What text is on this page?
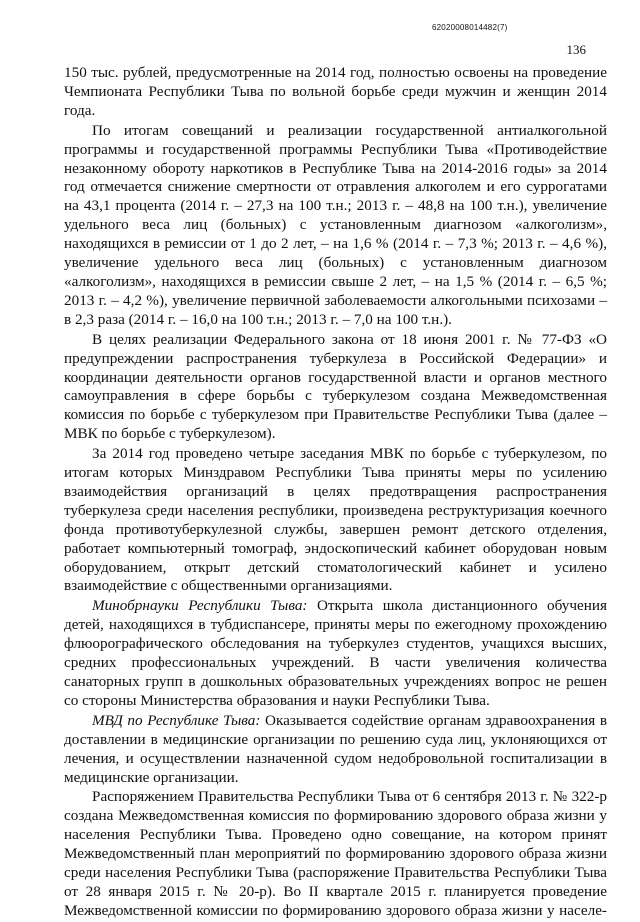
62020008014482(7)
136

150 тыс. рублей, предусмотренные на 2014 год, полностью освоены на проведение Чемпионата Республики Тыва по вольной борьбе среди мужчин и женщин 2014 года.

По итогам совещаний и реализации государственной антиалкогольной программы и государственной программы Республики Тыва «Противодействие незаконному обороту наркотиков в Республике Тыва на 2014-2016 годы» за 2014 год отмечается снижение смертности от отравления алкоголем и его суррогатами на 43,1 процента (2014 г. – 27,3 на 100 т.н.; 2013 г. – 48,8 на 100 т.н.), увеличение удельного веса лиц (больных) с установленным диагнозом «алкоголизм», находящихся в ремиссии от 1 до 2 лет, – на 1,6 % (2014 г. – 7,3 %; 2013 г. – 4,6 %), увеличение удельного веса лиц (больных) с установленным диагнозом «алкоголизм», находящихся в ремиссии свыше 2 лет, – на 1,5 % (2014 г. – 6,5 %; 2013 г. – 4,2 %), увеличение первичной заболеваемости алкогольными психозами – в 2,3 раза (2014 г. – 16,0 на 100 т.н.; 2013 г. – 7,0 на 100 т.н.).

В целях реализации Федерального закона от 18 июня 2001 г. № 77-ФЗ «О предупреждении распространения туберкулеза в Российской Федерации» и координации деятельности органов государственной власти и органов местного самоуправления в сфере борьбы с туберкулезом создана Межведомственная комиссия по борьбе с туберкулезом при Правительстве Республики Тыва (далее – МВК по борьбе с туберкулезом).

За 2014 год проведено четыре заседания МВК по борьбе с туберкулезом, по итогам которых Минздравом Республики Тыва приняты меры по усилению взаимодействия организаций в целях предотвращения распространения туберкулеза среди населения республики, произведена реструктуризация коечного фонда противотуберкулезной службы, завершен ремонт детского отделения, работает компьютерный томограф, эндоскопический кабинет оборудован новым оборудованием, открыт детский стоматологический кабинет и усилено взаимодействие с общественными организациями.

Минобрнауки Республики Тыва: Открыта школа дистанционного обучения детей, находящихся в тубдиспансере, приняты меры по ежегодному прохождению флюорографического обследования на туберкулез студентов, учащихся высших, средних профессиональных учреждений. В части увеличения количества санаторных групп в дошкольных образовательных учреждениях вопрос не решен со стороны Министерства образования и науки Республики Тыва.

МВД по Республике Тыва: Оказывается содействие органам здравоохранения в доставлении в медицинские организации по решению суда лиц, уклоняющихся от лечения, и осуществлении назначенной судом недобровольной госпитализации в медицинские организации.

Распоряжением Правительства Республики Тыва от 6 сентября 2013 г. № 322-р создана Межведомственная комиссия по формированию здорового образа жизни у населения Республики Тыва. Проведено одно совещание, на котором принят Межведомственный план мероприятий по формированию здорового образа жизни среди населения Республики Тыва (распоряжение Правительства Республики Тыва от 28 января 2015 г. № 20-р). Во II квартале 2015 г. планируется проведение Межведомственной комиссии по формированию здорового образа жизни у населе-
